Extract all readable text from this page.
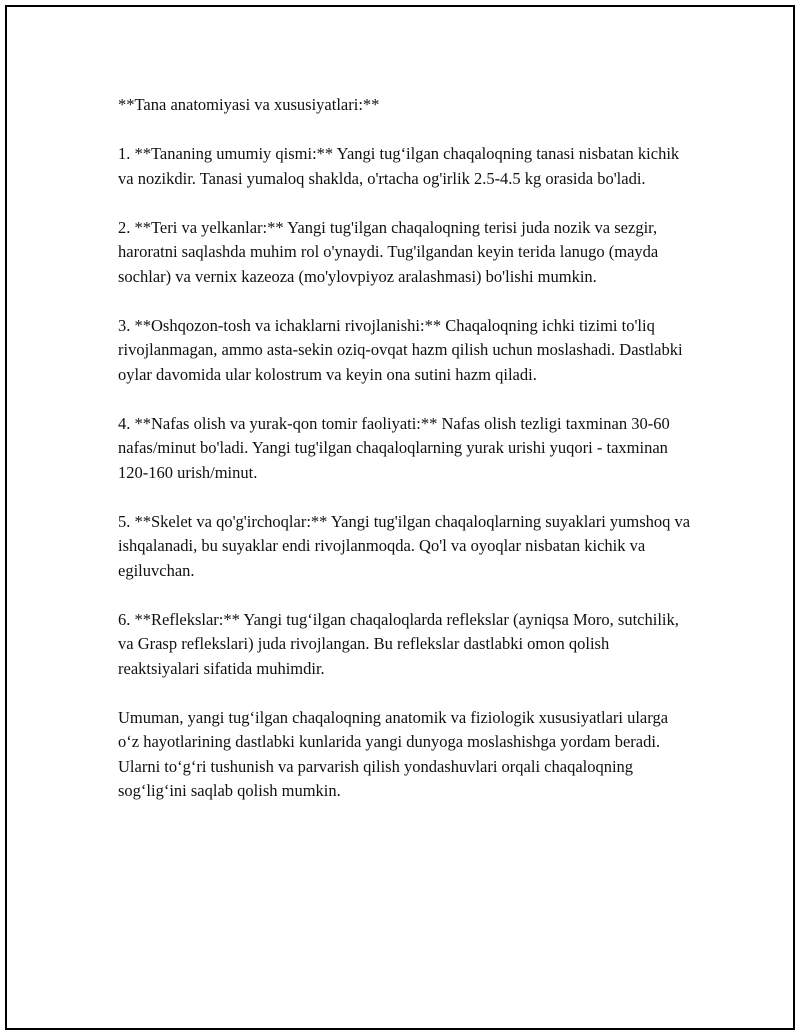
**Tana anatomiyasi va xususiyatlari:**

1. **Tananing umumiy qismi:** Yangi tug‘ilgan chaqaloqning tanasi nisbatan kichik va nozikdir. Tanasi yumaloq shaklda, o'rtacha og'irlik 2.5-4.5 kg orasida bo'ladi.

2. **Teri va yelkanlar:** Yangi tug'ilgan chaqaloqning terisi juda nozik va sezgir, haroratni saqlashda muhim rol o'ynaydi. Tug'ilgandan keyin terida lanugo (mayda sochlar) va vernix kazeoza (mo'ylovpiyoz aralashmasi) bo'lishi mumkin.

3. **Oshqozon-tosh va ichaklarni rivojlanishi:** Chaqaloqning ichki tizimi to'liq rivojlanmagan, ammo asta-sekin oziq-ovqat hazm qilish uchun moslashadi. Dastlabki oylar davomida ular kolostrum va keyin ona sutini hazm qiladi.

4. **Nafas olish va yurak-qon tomir faoliyati:** Nafas olish tezligi taxminan 30-60 nafas/minut bo'ladi. Yangi tug'ilgan chaqaloqlarning yurak urishi yuqori - taxminan 120-160 urish/minut.

5. **Skelet va qo'g'irchoqlar:** Yangi tug'ilgan chaqaloqlarning suyaklari yumshoq va ishqalanadi, bu suyaklar endi rivojlanmoqda. Qo'l va oyoqlar nisbatan kichik va egiluvchan.

6. **Reflekslar:** Yangi tug‘ilgan chaqaloqlarda reflekslar (ayniqsa Moro, sutchilik, va Grasp reflekslari) juda rivojlangan. Bu reflekslar dastlabki omon qolish reaktsiyalari sifatida muhimdir.

Umuman, yangi tug‘ilgan chaqaloqning anatomik va fiziologik xususiyatlari ularga o‘z hayotlarining dastlabki kunlarida yangi dunyoga moslashishga yordam beradi. Ularni to‘g‘ri tushunish va parvarish qilish yondashuvlari orqali chaqaloqning sog‘lig‘ini saqlab qolish mumkin.
